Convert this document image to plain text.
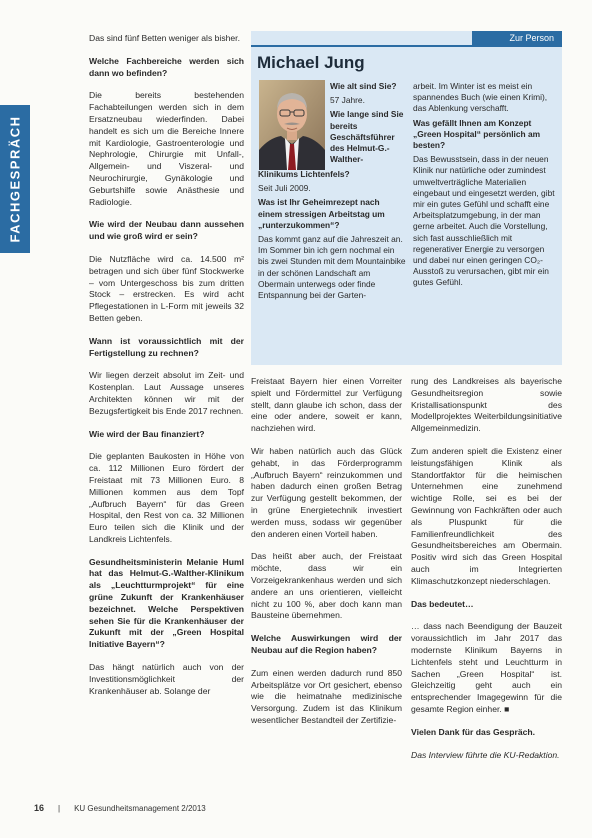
FACHGESPRÄCH

Das sind fünf Betten weniger als bisher.

Welche Fachbereiche werden sich dann wo befinden?

Die bereits bestehenden Fachabteilungen werden sich in dem Ersatzneubau wiederfinden. Dabei handelt es sich um die Bereiche Innere mit Kardiologie, Gastroenterologie und Nephrologie, Chirurgie mit Unfall-, Allgemein- und Viszeral- und Neurochirurgie, Gynäkologie und Geburtshilfe sowie Anästhesie und Radiologie.

Wie wird der Neubau dann aussehen und wie groß wird er sein?

Die Nutzfläche wird ca. 14.500 m² betragen und sich über fünf Stockwerke – vom Untergeschoss bis zum dritten Stock – erstrecken. Es wird acht Pflegestationen in L-Form mit jeweils 32 Betten geben.

Wann ist voraussichtlich mit der Fertigstellung zu rechnen?

Wir liegen derzeit absolut im Zeit- und Kostenplan. Laut Aussage unseres Architekten können wir mit der Bezugsfertigkeit bis Ende 2017 rechnen.

Wie wird der Bau finanziert?

Die geplanten Baukosten in Höhe von ca. 112 Millionen Euro fördert der Freistaat mit 73 Millionen Euro. 8 Millionen kommen aus dem Topf „Aufbruch Bayern“ für das Green Hospital, den Rest von ca. 32 Millionen Euro teilen sich die Klinik und der Landkreis Lichtenfels.

Gesundheitsministerin Melanie Huml hat das Helmut-G.-Walther-Klinikum als „Leuchtturmprojekt“ für eine grüne Zukunft der Krankenhäuser bezeichnet. Welche Perspektiven sehen Sie für die Krankenhäuser der Zukunft mit der „Green Hospital Initiative Bayern“?

Das hängt natürlich auch von der Investitionsmöglichkeit der Krankenhäuser ab. Solange der

Zur Person
Michael Jung

Wie alt sind Sie?

57 Jahre.

Wie lange sind Sie bereits Geschäftsführer des Helmut-G.-Walther-

Klinikums Lichtenfels?

Seit Juli 2009.

Was ist Ihr Geheimrezept nach einem stressigen Arbeitstag um „runterzukommen“?

Das kommt ganz auf die Jahreszeit an. Im Sommer bin ich gern nochmal ein bis zwei Stunden mit dem Mountainbike in der schönen Landschaft am Obermain unterwegs oder finde Entspannung bei der Garten-

arbeit. Im Winter ist es meist ein spannendes Buch (wie einen Krimi), das Ablenkung verschafft.

Was gefällt Ihnen am Konzept „Green Hospital“ persönlich am besten?

Das Bewusstsein, dass in der neuen Klinik nur natürliche oder zumindest umweltverträgliche Materialien eingebaut und eingesetzt werden, gibt mir ein gutes Gefühl und schafft eine Arbeitsplatzumgebung, in der man gerne arbeitet. Auch die Vorstellung, sich fast ausschließlich mit regenerativer Energie zu versorgen und dabei nur einen geringen CO₂-Ausstoß zu verursachen, gibt mir ein gutes Gefühl.

Freistaat Bayern hier einen Vorreiter spielt und Fördermittel zur Verfügung stellt, dann glaube ich schon, dass der eine oder andere, soweit er kann, nachziehen wird.

Wir haben natürlich auch das Glück gehabt, in das Förderprogramm „Aufbruch Bayern“ reinzukommen und haben dadurch einen großen Betrag zur Verfügung gestellt bekommen, der in grüne Energietechnik investiert werden muss, sodass wir gegenüber den anderen einen Vorteil haben.

Das heißt aber auch, der Freistaat möchte, dass wir ein Vorzeigekrankenhaus werden und sich andere an uns orientieren, vielleicht nicht zu 100 %, aber doch kann man Bausteine übernehmen.

Welche Auswirkungen wird der Neubau auf die Region haben?

Zum einen werden dadurch rund 850 Arbeitsplätze vor Ort gesichert, ebenso wie die heimatnahe medizinische Versorgung. Zudem ist das Klinikum wesentlicher Bestandteil der Zertifizie-

rung des Landkreises als bayerische Gesundheitsregion sowie Kristallisationspunkt des Modellprojektes Weiterbildungsinitiative Allgemeinmedizin.

Zum anderen spielt die Existenz einer leistungsfähigen Klinik als Standortfaktor für die heimischen Unternehmen eine zunehmend wichtige Rolle, sei es bei der Gewinnung von Fachkräften oder auch als Pluspunkt für die Familienfreundlichkeit des Gesundheitsbereiches am Obermain. Positiv wird sich das Green Hospital auch im Integrierten Klimaschutzkonzept niederschlagen.

Das bedeutet…

… dass nach Beendigung der Bauzeit voraussichtlich im Jahr 2017 das modernste Klinikum Bayerns in Lichtenfels steht und Leuchtturm in Sachen „Green Hospital“ ist. Gleichzeitig geht auch ein entsprechender Imagegewinn für die gesamte Region einher. ■

Vielen Dank für das Gespräch.

Das Interview führte die KU-Redaktion.

16 | KU Gesundheitsmanagement 2/2013
